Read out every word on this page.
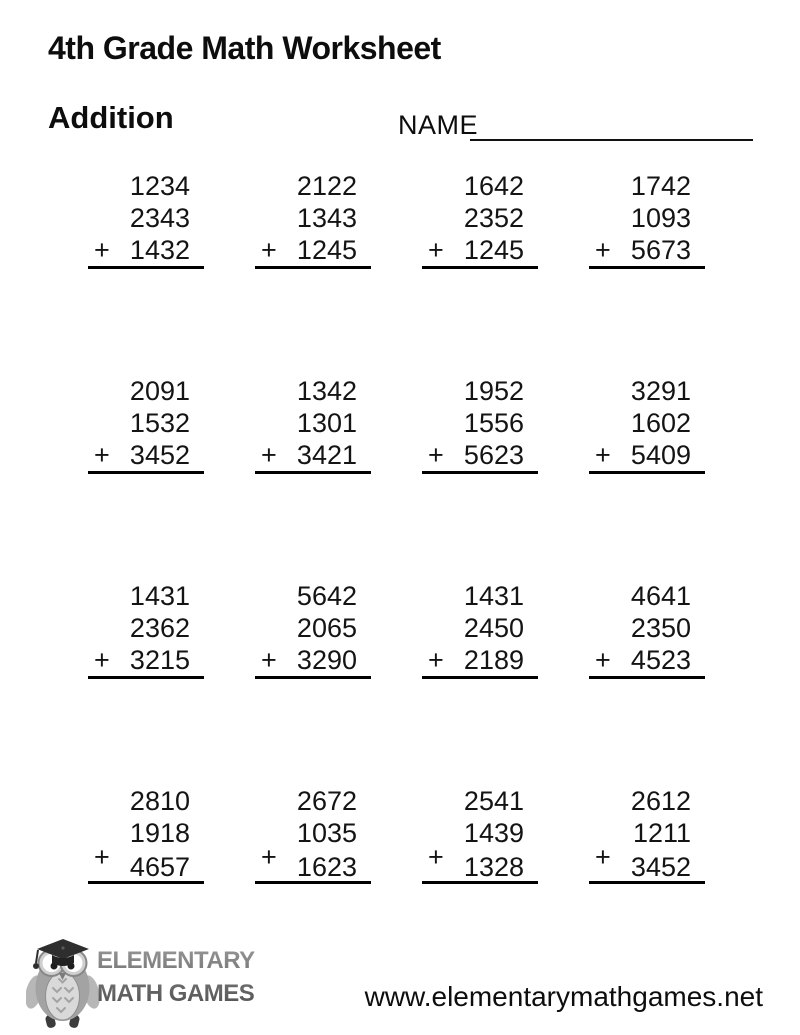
4th Grade Math Worksheet
Addition	NAME
1234
2343
+ 1432
2122
1343
+ 1245
1642
2352
+ 1245
1742
1093
+ 5673
2091
1532
+ 3452
1342
1301
+ 3421
1952
1556
+ 5623
3291
1602
+ 5409
1431
2362
+ 3215
5642
2065
+ 3290
1431
2450
+ 2189
4641
2350
+ 4523
2810
1918
+ 4657
2672
1035
+ 1623
2541
1439
+ 1328
2612
1211
+ 3452
ELEMENTARY
MATH GAMES	www.elementarymathgames.net
